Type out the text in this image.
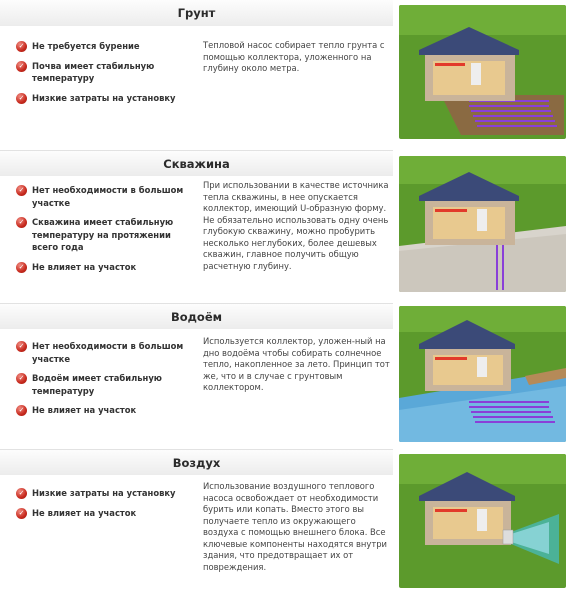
Грунт
✓ Не требуется бурение
✓ Почва имеет стабильную температуру
✓ Низкие затраты на установку
Тепловой насос собирает тепло грунта с помощью коллектора, уложенного на глубину около метра.
Скважина
✓ Нет необходимости в большом участке
✓ Скважина имеет стабильную температуру на протяжении всего года
✓ Не влияет на участок
При использовании в качестве источника тепла скважины, в нее опускается коллектор, имеющий U-образную форму. Не обязательно использовать одну очень глубокую скважину, можно пробурить несколько неглубоких, более дешевых скважин, главное получить общую расчетную глубину.
Водоём
✓ Нет необходимости в большом участке
✓ Водоём имеет стабильную температуру
✓ Не влияет на участок
Используется коллектор, уложен-ный на дно водоёма чтобы собирать солнечное тепло, накопленное за лето. Принцип тот же, что и в случае с грунтовым коллектором.
Воздух
✓ Низкие затраты на установку
✓ Не влияет на участок
Использование воздушного теплового насоса освобождает от необходимости бурить или копать. Вместо этого вы получаете тепло из окружающего воздуха с помощью внешнего блока. Все ключевые компоненты находятся внутри здания, что предотвращает их от повреждения.
